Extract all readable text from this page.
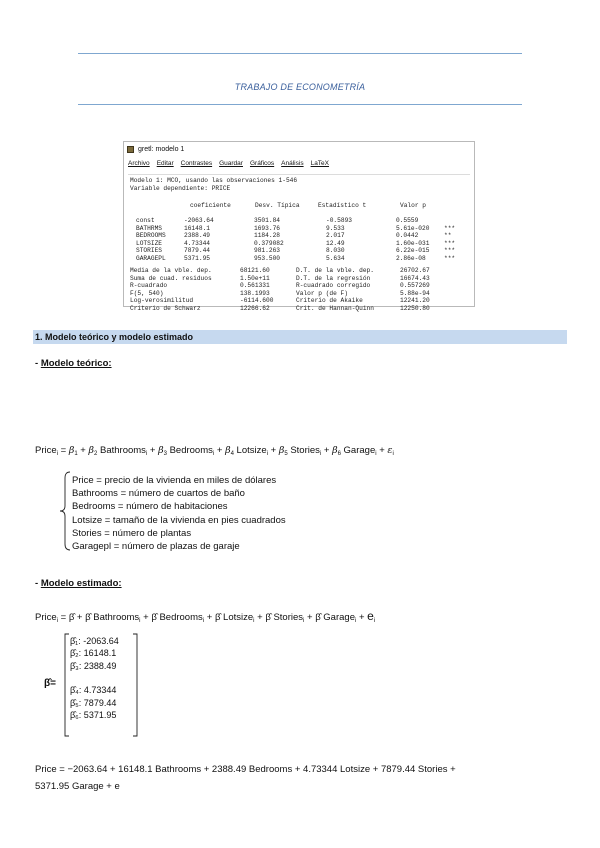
TRABAJO DE ECONOMETRÍA
gretl: modelo 1
Archivo Editar Contrastes Guardar Gráficos Análisis LaTeX
Modelo 1: MCO, usando las observaciones 1-546
Variable dependiente: PRICE
coeficiente	Desv. Típica	Estadístico t	Valor p
const	-2063.64	3501.84	-0.5893	0.5559
BATHRMS	16148.1	1693.76	9.533	5.61e-020 ***
BEDROOMS	2388.49	1184.28	2.017	0.0442	**
LOTSIZE	4.73344	0.379082	12.49	1.60e-031 ***
STORIES	7879.44	981.263	8.030	6.22e-015 ***
GARAGEPL	5371.95	953.500	5.634	2.86e-08	***
Media de la vble. dep.	68121.60	D.T. de la vble. dep.	26702.67
Suma de cuad. residuos	1.50e+11	D.T. de la regresión	16674.43
R-cuadrado	0.561331	R-cuadrado corregido	0.557269
F(5, 540)	138.1993	Valor p (de F)	5.88e-94
Log-verosimilitud	-6114.600	Criterio de Akaike	12241.20
Criterio de Schwarz	12266.62	Crit. de Hannan-Quinn	12250.80
1. Modelo teórico y modelo estimado
- Modelo teórico:
Price$_i$ = $\beta_1 + \beta_2$ Bathrooms$_i$ + $\beta_3$ Bedrooms$_i$ + $\beta_4$ Lotsize$_i$ + $\beta_5$ Stories$_i$ + $\beta_6$ Garage$_i$ + $\varepsilon_i$
Price = precio de la vivienda en miles de dólares
Bathrooms = número de cuartos de baño
Bedrooms = número de habitaciones
Lotsize = tamaño de la vivienda en pies cuadrados
Stories = número de plantas
Garagepl = número de plazas de garaje
- Modelo estimado:
Price$_i$ = β̂ + β̂ Bathrooms$_i$ + β̂ Bedrooms$_i$ + β̂ Lotsize$_i$ + β̂ Stories$_i$ + β̂ Garage$_i$ + $e_i$
β̂=
β̂₁: -2063.64
β̂₂: 16148.1
β̂₃: 2388.49
β̂₄: 4.73344
β̂₅: 7879.44
β̂₆: 5371.95
Price = −2063.64 + 16148.1 Bathrooms + 2388.49 Bedrooms + 4.73344 Lotsize + 7879.44 Stories +
5371.95 Garage + e
